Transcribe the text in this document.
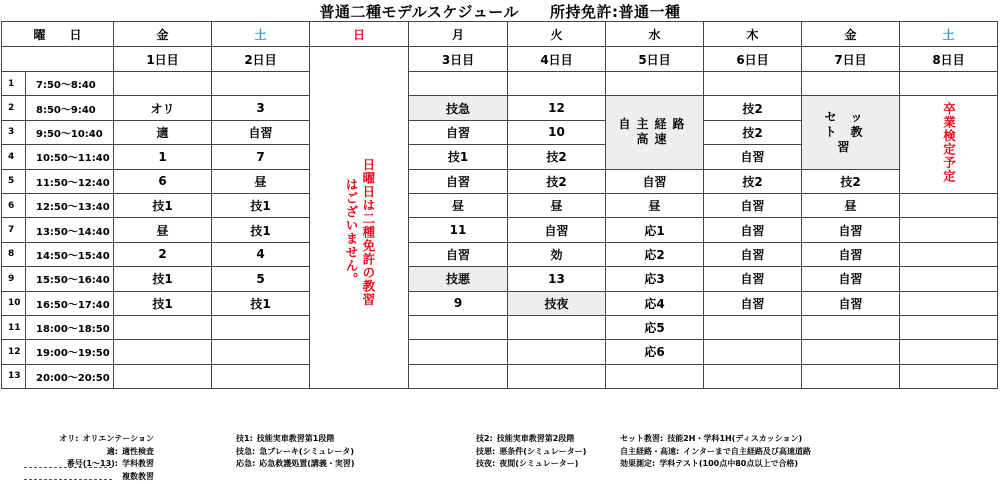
普通二種モデルスケジュール　　所持免許:普通一種
曜　　日		金	土	日	月	火	水	木	金	土
		1日目	2日目	日曜日は二種免許の教習はございません。	3日目	4日目	5日目	6日目	7日目	8日目
1	7:50～8:40									
2	8:50～9:40	オリ	3		技急	12	自主経路高速	技2	セット教習	卒業検定予定
3	9:50～10:40	適	自習		自習	10		技2		
4	10:50～11:40	1	7		技1	技2		自習		
5	11:50～12:40	6	昼		自習	技2	自習	技2	技2	
6	12:50～13:40	技1	技1		昼	昼	昼	自習	昼	
7	13:50～14:40	昼	技1		11	自習	応1	自習	自習	
8	14:50～15:40	2	4		自習	効	応2	自習	自習	
9	15:50～16:40	技1	5		技悪	13	応3	自習	自習	
10	16:50～17:40	技1	技1		9	技夜	応4	自習	自習	
11	18:00～18:50						応5			
12	19:00～19:50						応6			
13	20:00～20:50									
オリ: オリエンテーション
適: 適性検査
番号(1～13): 学科教習
複数教習
技1: 技能実車教習第1段階
技急: 急ブレーキ(シミュレータ)
応急: 応急救護処置(講義・実習)
技2: 技能実車教習第2段階
技悪: 悪条件(シミュレーター)
技夜: 夜間(シミュレーター)
セット教習: 技能2H・学科1H(ディスカッション)
自主経路・高速: インターまで自主経路及び高速道路
効果測定: 学科テスト(100点中80点以上で合格)
